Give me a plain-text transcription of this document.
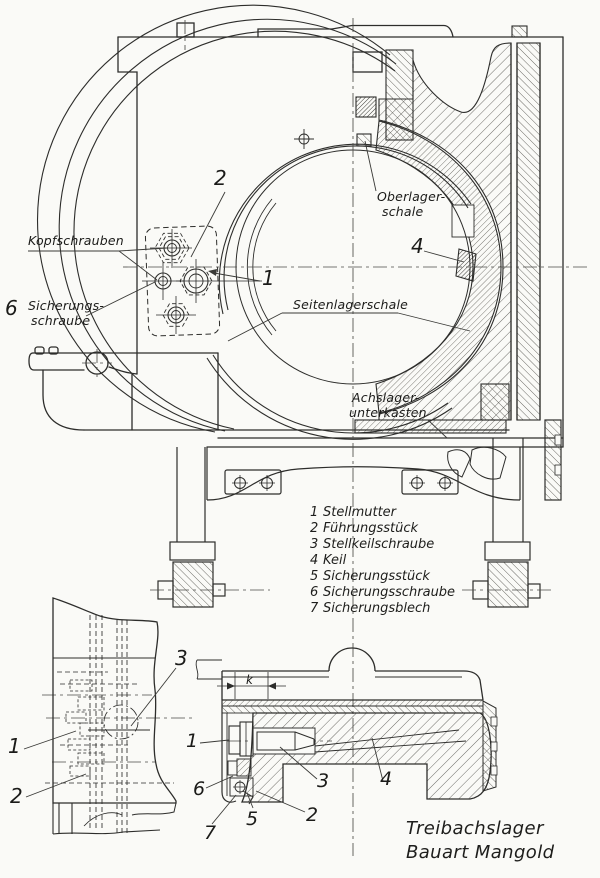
Kopfschrauben
6 Sicherungs-
schraube
2
1
Oberlager-
schale
4
Seitenlagerschale
Achslager-
unterkasten
1 Stellmutter
2 Führungsstück
3 Stellkeilschraube
4 Keil
5 Sicherungsstück
6 Sicherungsschraube
7 Sicherungsblech
3
1
2
1
6
7
5	2
3	4
k
Treibachslager
Bauart Mangold
